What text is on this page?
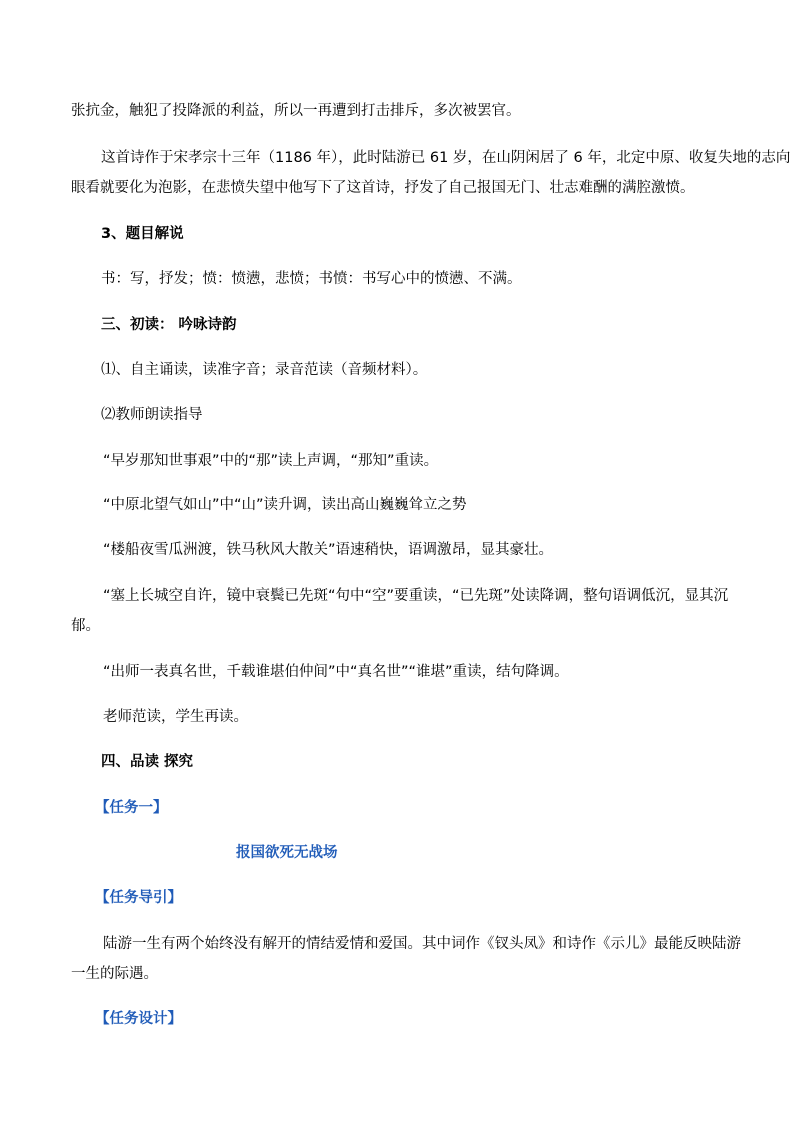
张抗金，触犯了投降派的利益，所以一再遭到打击排斥，多次被罢官。
这首诗作于宋孝宗十三年（1186 年），此时陆游已 61 岁，在山阴闲居了 6 年，北定中原、收复失地的志向
眼看就要化为泡影，在悲愤失望中他写下了这首诗，抒发了自己报国无门、壮志难酬的满腔激愤。
3、题目解说
书：写，抒发；愤：愤懑，悲愤；书愤：书写心中的愤懑、不满。
三、初读： 吟咏诗韵
⑴、自主诵读，读准字音；录音范读（音频材料）。
⑵教师朗读指导
“早岁那知世事艰”中的“那”读上声调，“那知”重读。
“中原北望气如山”中“山”读升调，读出高山巍巍耸立之势
“楼船夜雪瓜洲渡，铁马秋风大散关”语速稍快，语调激昂，显其豪壮。
“塞上长城空自许，镜中衰鬓已先斑“句中“空”要重读，“已先斑”处读降调，整句语调低沉，显其沉
郁。
“出师一表真名世，千载谁堪伯仲间”中“真名世”“谁堪”重读，结句降调。
老师范读，学生再读。
四、品读 探究
【任务一】
报国欲死无战场
【任务导引】
陆游一生有两个始终没有解开的情结爱情和爱国。其中词作《钗头凤》和诗作《示儿》最能反映陆游
一生的际遇。
【任务设计】
